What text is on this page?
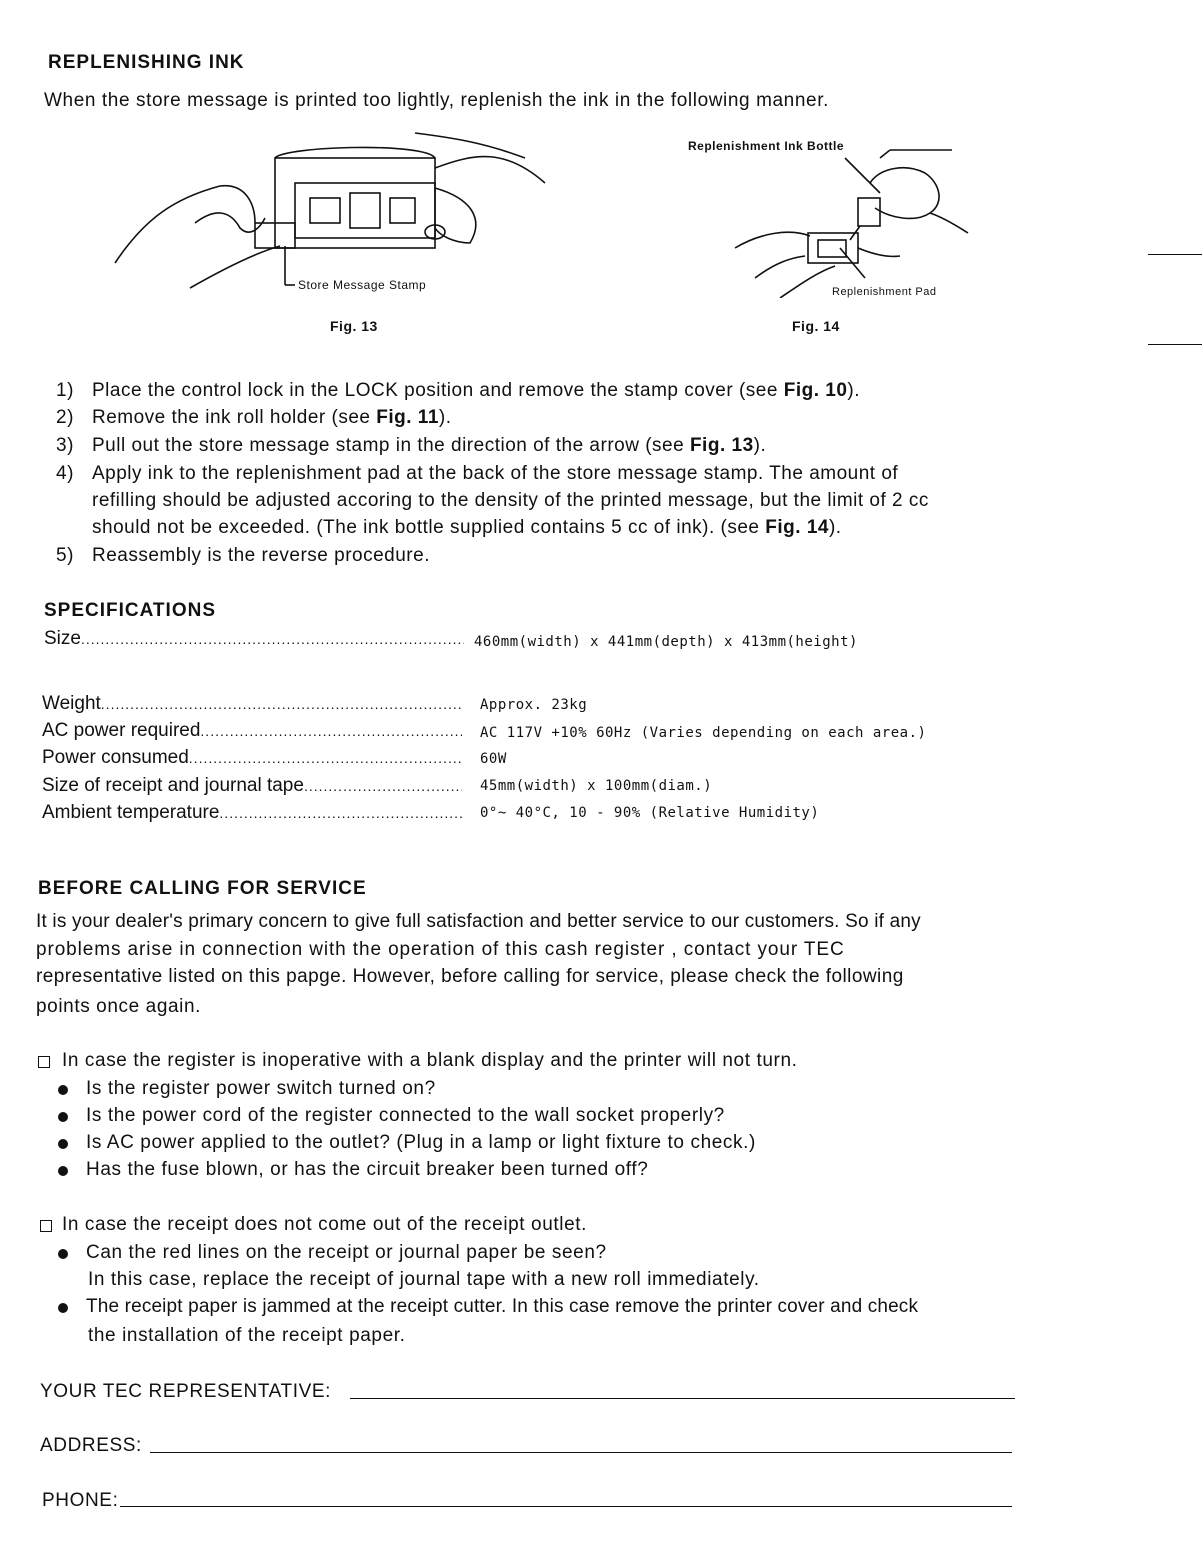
REPLENISHING INK
When the store message is printed too lightly, replenish the ink in the following manner.
Store Message Stamp
Fig. 13
Replenishment Ink Bottle
Replenishment Pad
Fig. 14
1) Place the control lock in the LOCK position and remove the stamp cover (see Fig. 10).
2) Remove the ink roll holder (see Fig. 11).
3) Pull out the store message stamp in the direction of the arrow (see Fig. 13).
4) Apply ink to the replenishment pad at the back of the store message stamp. The amount of
refilling should be adjusted accoring to the density of the printed message, but the limit of 2 cc
should not be exceeded. (The ink bottle supplied contains 5 cc of ink). (see Fig. 14).
5) Reassembly is the reverse procedure.
SPECIFICATIONS
Size .....	460mm(width) x 441mm(depth) x 413mm(height)
Weight .....	Approx. 23kg
AC power required .....	AC 117V +10% 60Hz (Varies depending on each area.)
Power consumed .....	60W
Size of receipt and journal tape .....	45mm(width) x 100mm(diam.)
Ambient temperature .....	0°~ 40°C, 10 - 90% (Relative Humidity)
BEFORE CALLING FOR SERVICE
It is your dealer's primary concern to give full satisfaction and better service to our customers. So if any
problems arise in connection with the operation of this cash register , contact your TEC
representative listed on this papge. However, before calling for service, please check the following
points once again.
In case the register is inoperative with a blank display and the printer will not turn.
Is the register power switch turned on?
Is the power cord of the register connected to the wall socket properly?
Is AC power applied to the outlet? (Plug in a lamp or light fixture to check.)
Has the fuse blown, or has the circuit breaker been turned off?
In case the receipt does not come out of the receipt outlet.
Can the red lines on the receipt or journal paper be seen?
In this case, replace the receipt of journal tape with a new roll immediately.
The receipt paper is jammed at the receipt cutter. In this case remove the printer cover and check
the installation of the receipt paper.
YOUR TEC REPRESENTATIVE:
ADDRESS:
PHONE:
